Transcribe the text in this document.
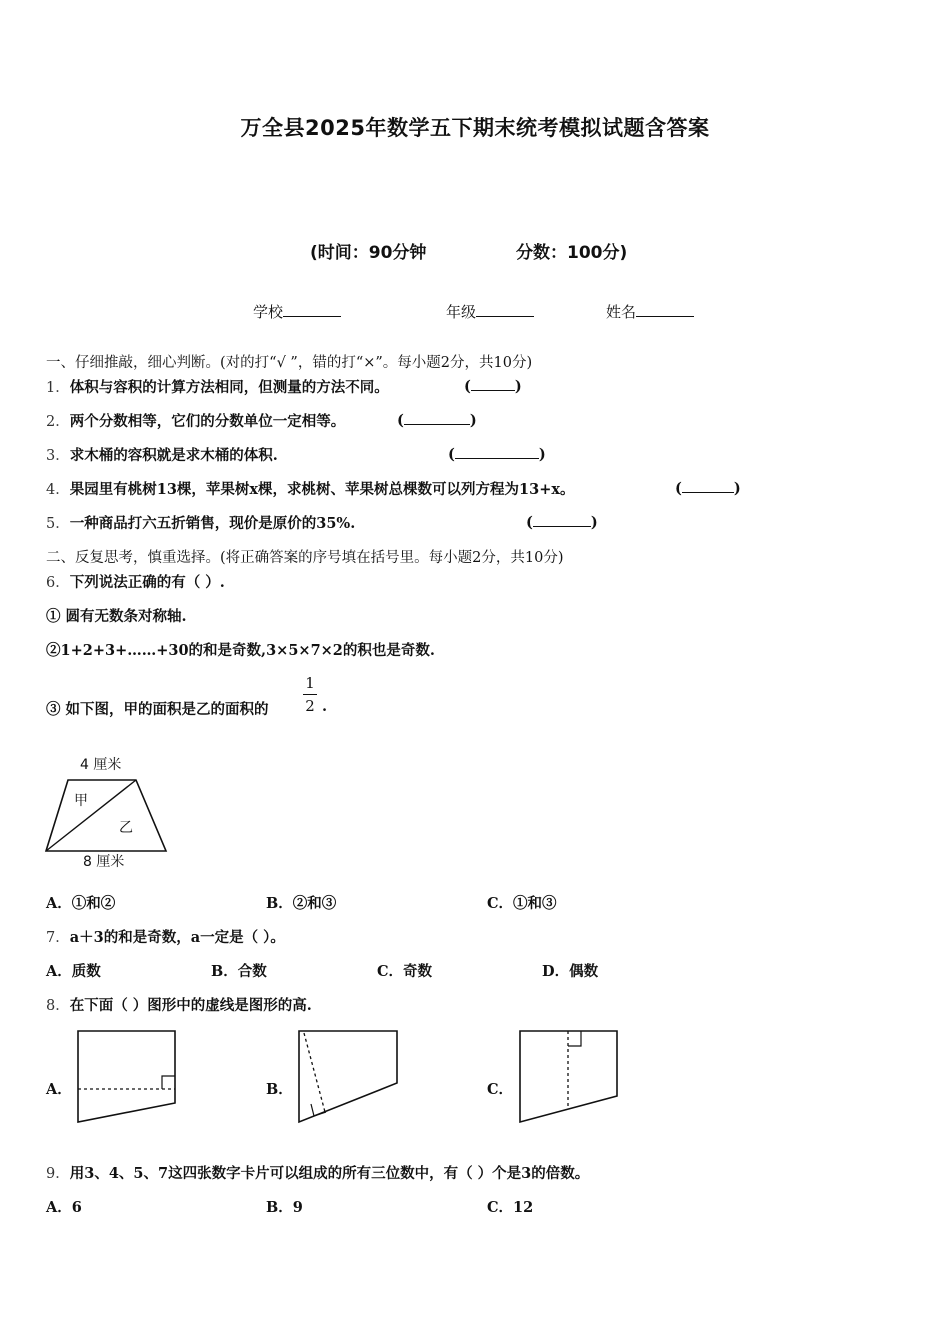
万全县2025年数学五下期末统考模拟试题含答案
(时间：90分钟	分数：100分)
学校	年级	姓名
一、仔细推敲，细心判断。(对的打“√ ”，错的打“×”。每小题2分，共10分)
1．体积与容积的计算方法相同，但测量的方法不同。	(	)
2．两个分数相等，它们的分数单位一定相等。	(	)
3．求木桶的容积就是求木桶的体积.	(	)
4．果园里有桃树13棵，苹果树x棵，求桃树、苹果树总棵数可以列方程为13+x。	(	)
5．一种商品打六五折销售，现价是原价的35%.	(	)
二、反复思考，慎重选择。(将正确答案的序号填在括号里。每小题2分，共10分)
6．下列说法正确的有（ ）.
① 圆有无数条对称轴.
②1+2+3+……+30的和是奇数,3×5×7×2的积也是奇数.
③ 如下图，甲的面积是乙的面积的
1
2 .
4 厘米
甲
乙
8 厘米
A．①和②	B．②和③	C．①和③
7．a＋3的和是奇数，a一定是（ ）。
A．质数	B．合数	C．奇数	D．偶数
8．在下面（ ）图形中的虚线是图形的高.
A．	B．	C．
9．用3、4、5、7这四张数字卡片可以组成的所有三位数中，有（ ）个是3的倍数。
A．6	B．9	C．12
